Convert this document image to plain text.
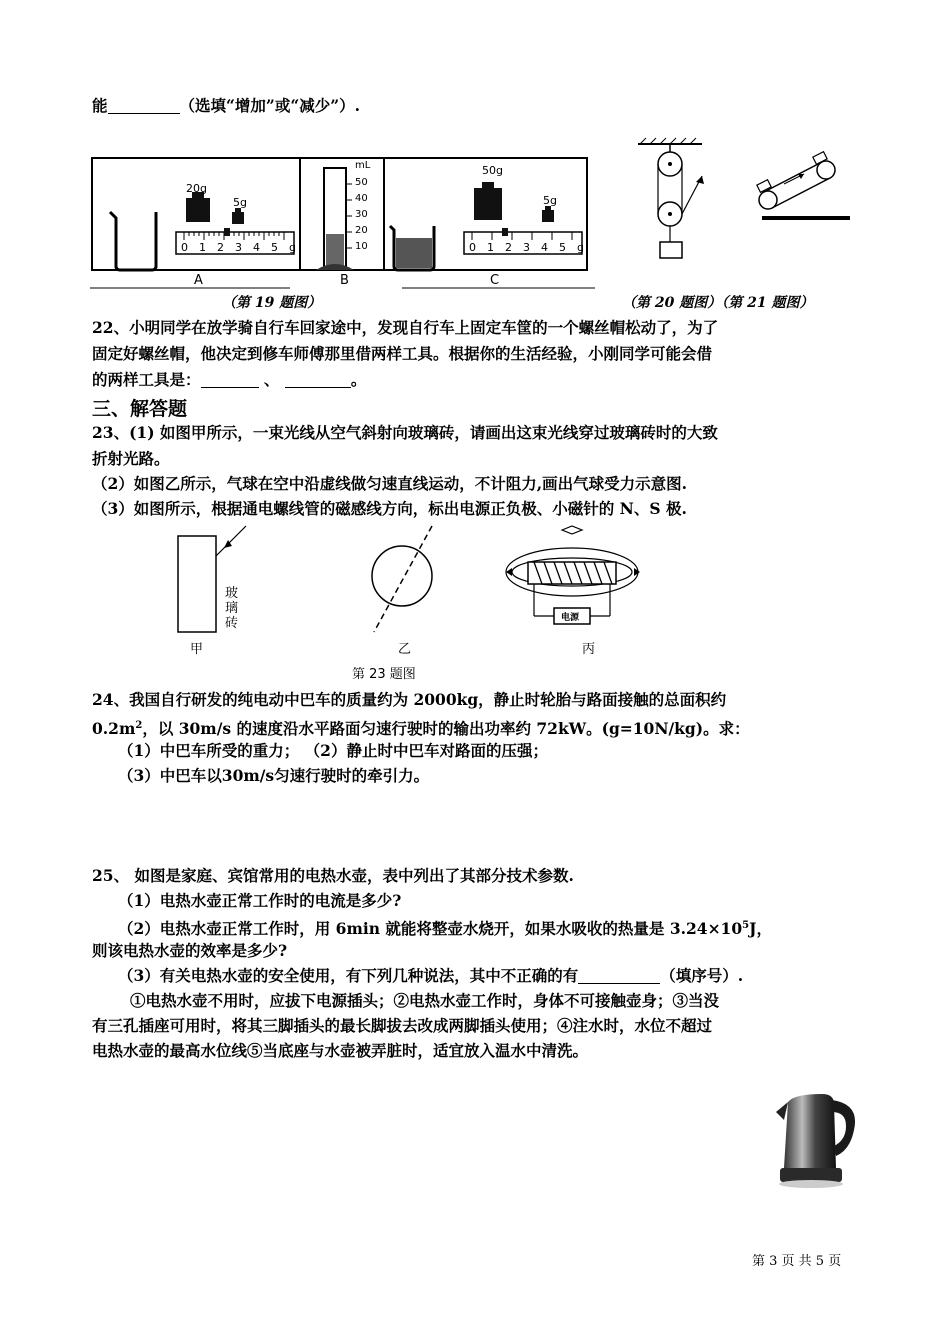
能	（选填“增加”或“减少”）.
20g
5g
50g
5g
012345g	012345g
mL
50
40
30
20
10
A	B	C
（第 19 题图）	（第 20 题图）（第 21 题图）
22、小明同学在放学骑自行车回家途中，发现自行车上固定车筐的一个螺丝帽松动了，为了
固定好螺丝帽，他决定到修车师傅那里借两样工具。根据你的生活经验，小刚同学可能会借
的两样工具是：	、	。
三、解答题
23、(1) 如图甲所示，一束光线从空气斜射向玻璃砖，请画出这束光线穿过玻璃砖时的大致
折射光路。
（2）如图乙所示，气球在空中沿虚线做匀速直线运动，不计阻力,画出气球受力示意图.
（3）如图所示，根据通电螺线管的磁感线方向，标出电源正负极、小磁针的 N、S 极.
玻璃砖
甲	乙
电源
丙
第 23 题图
24、我国自行研发的纯电动中巴车的质量约为 2000kg，静止时轮胎与路面接触的总面积约
$0.2m^2$，以 30m/s 的速度沿水平路面匀速行驶时的输出功率约 72kW。(g=10N/kg)。求：
（1）中巴车所受的重力； （2）静止时中巴车对路面的压强；
（3）中巴车以30m/s匀速行驶时的牵引力。
25、 如图是家庭、宾馆常用的电热水壶，表中列出了其部分技术参数.
（1）电热水壶正常工作时的电流是多少?
（2）电热水壶正常工作时，用 6min 就能将整壶水烧开，如果水吸收的热量是 $3.24\times 10^5J$，
则该电热水壶的效率是多少?
（3）有关电热水壶的安全使用，有下列几种说法，其中不正确的有	（填序号）.
①电热水壶不用时，应拔下电源插头；②电热水壶工作时，身体不可接触壶身；③当没
有三孔插座可用时，将其三脚插头的最长脚拔去改成两脚插头使用；④注水时，水位不超过
电热水壶的最高水位线⑤当底座与水壶被弄脏时，适宜放入温水中清洗。
第 3 页 共 5 页
